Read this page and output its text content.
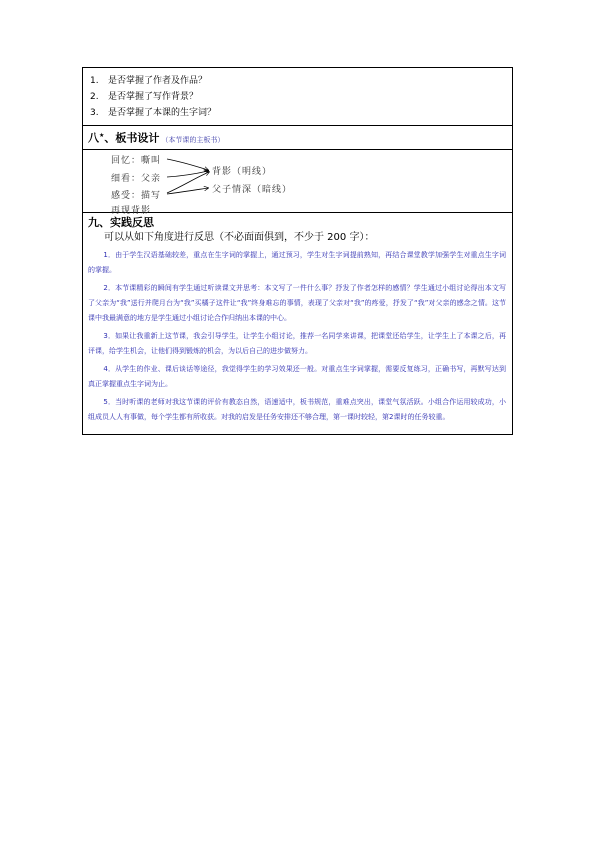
1. 是否掌握了作者及作品？
2. 是否掌握了写作背景？
3. 是否掌握了本课的生字词？
八★、板书设计 （本节课的主板书）
回忆：嘶叫
细看：父亲
感受：描写
再现背影
背影（明线）
父子情深（暗线）
九、实践反思
可以从如下角度进行反思（不必面面俱到，不少于 200 字）：

1．由于学生汉语基础较差，重点在生字词的掌握上，通过预习，学生对生字词提前熟知，再结合课堂教学加强学生对重点生字词的掌握。

2．本节课精彩的瞬间有学生通过听读课文并思考：本文写了一件什么事？抒发了作者怎样的感情？学生通过小组讨论得出本文写了父亲为“我”送行并爬月台为“我”买橘子这件让“我”终身难忘的事情，表现了父亲对“我”的疼爱，抒发了“我”对父亲的感念之情。这节课中我最满意的地方是学生通过小组讨论合作归纳出本课的中心。

3．如果让我重新上这节课，我会引导学生，让学生小组讨论，推荐一名同学来讲课，把课堂还给学生，让学生上了本课之后，再评课，给学生机会，让他们得到锻炼的机会，为以后自己的进步做努力。

4．从学生的作业、课后谈话等途径，我觉得学生的学习效果还一般。对重点生字词掌握，需要反复练习，正确书写，再默写达到真正掌握重点生字词为止。

5．当时听课的老师对我这节课的评价有教态自然，语速适中，板书规范，重难点突出，课堂气氛活跃。小组合作运用较成功，小组成员人人有事做，每个学生都有所收获。对我的启发是任务安排还不够合理，第一课时较轻，第2课时的任务较重。
